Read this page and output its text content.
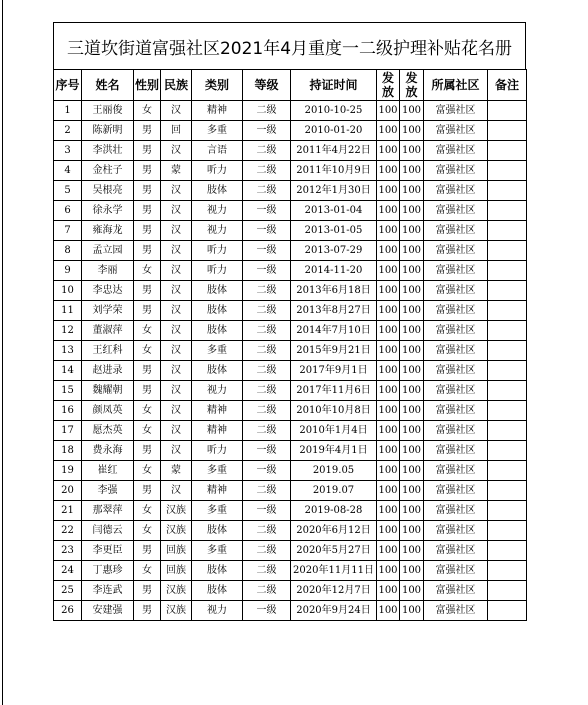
三道坎街道富强社区2021年4月重度一二级护理补贴花名册
序号	姓名	性别	民族	类别	等级	持证时间	发放	发放	所属社区	备注
1	王丽俊	女	汉	精神	二级	2010-10-25	100	100	富强社区	
2	陈新明	男	回	多重	一级	2010-01-20	100	100	富强社区	
3	李洪壮	男	汉	言语	二级	2011年4月22日	100	100	富强社区	
4	金柱子	男	蒙	听力	二级	2011年10月9日	100	100	富强社区	
5	吴根亮	男	汉	肢体	二级	2012年1月30日	100	100	富强社区	
6	徐永学	男	汉	视力	一级	2013-01-04	100	100	富强社区	
7	雍海龙	男	汉	视力	一级	2013-01-05	100	100	富强社区	
8	孟立园	男	汉	听力	一级	2013-07-29	100	100	富强社区	
9	李丽	女	汉	听力	一级	2014-11-20	100	100	富强社区	
10	李忠达	男	汉	肢体	二级	2013年6月18日	100	100	富强社区	
11	刘学荣	男	汉	肢体	二级	2013年8月27日	100	100	富强社区	
12	董淑萍	女	汉	肢体	二级	2014年7月10日	100	100	富强社区	
13	王红科	女	汉	多重	二级	2015年9月21日	100	100	富强社区	
14	赵进录	男	汉	肢体	二级	2017年9月1日	100	100	富强社区	
15	魏耀朝	男	汉	视力	二级	2017年11月6日	100	100	富强社区	
16	颜凤英	女	汉	精神	二级	2010年10月8日	100	100	富强社区	
17	愿杰英	女	汉	精神	二级	2010年1月4日	100	100	富强社区	
18	费永海	男	汉	听力	一级	2019年4月1日	100	100	富强社区	
19	崔红	女	蒙	多重	一级	2019.05	100	100	富强社区	
20	李强	男	汉	精神	二级	2019.07	100	100	富强社区	
21	那翠萍	女	汉族	多重	一级	2019-08-28	100	100	富强社区	
22	闫德云	女	汉族	肢体	二级	2020年6月12日	100	100	富强社区	
23	李更臣	男	回族	多重	二级	2020年5月27日	100	100	富强社区	
24	丁惠珍	女	回族	肢体	二级	2020年11月11日	100	100	富强社区	
25	李连武	男	汉族	肢体	二级	2020年12月7日	100	100	富强社区	
26	安建强	男	汉族	视力	一级	2020年9月24日	100	100	富强社区	
